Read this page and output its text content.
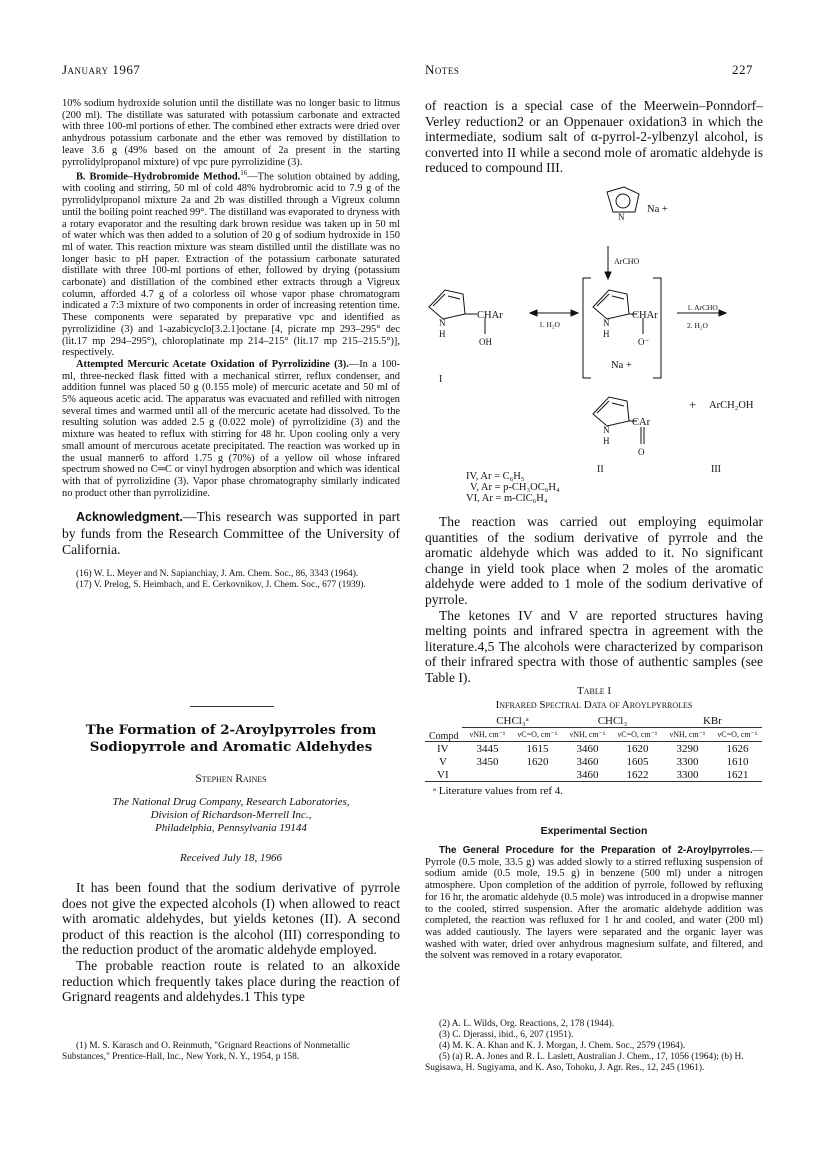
January 1967	Notes	227

10% sodium hydroxide solution until the distillate was no longer basic to litmus (200 ml). The distillate was saturated with potassium carbonate and extracted with three 100-ml portions of ether. The combined ether extracts were dried over anhydrous potassium carbonate and the ether was removed by distillation to leave 3.6 g (49% based on the amount of 2a present in the starting pyrrolidylpropanol mixture) of vpc pure pyrrolizidine (3).

B. Bromide–Hydrobromide Method.$^{16}$—The solution obtained by adding, with cooling and stirring, 50 ml of cold 48% hydrobromic acid to 7.9 g of the pyrrolidylpropanol mixture 2a and 2b was distilled through a Vigreux column until the boiling point reached 99°. The distilland was evaporated to dryness with a rotary evaporator and the resulting dark brown residue was taken up in 50 ml of water which was then added to a solution of 20 g of sodium hydroxide in 150 ml of water. This reaction mixture was steam distilled until the distillate was no longer basic to pH paper. Extraction of the potassium carbonate saturated distillate with three 100-ml portions of ether, followed by drying (potassium carbonate) and distillation of the combined ether extracts through a Vigreux column, afforded 4.7 g of a colorless oil whose vapor phase chromatogram indicated a 7:3 mixture of two components in order of increasing retention time. These components were separated by preparative vpc and identified as pyrrolizidine (3) and 1-azabicyclo[3.2.1]octane [4, picrate mp 293–295° dec (lit.17 mp 294–295°), chloroplatinate mp 214–215° (lit.17 mp 215–215.5°)], respectively.

Attempted Mercuric Acetate Oxidation of Pyrrolizidine (3).—In a 100-ml, three-necked flask fitted with a mechanical stirrer, reflux condenser, and addition funnel was placed 50 g (0.155 mole) of mercuric acetate and 50 ml of 5% aqueous acetic acid. The apparatus was evacuated and refilled with nitrogen several times and warmed until all of the mercuric acetate had dissolved. To the resulting solution was added 2.5 g (0.022 mole) of pyrrolizidine (3) and the mixture was heated to reflux with stirring for 48 hr. Upon cooling only a very small amount of mercurous acetate precipitated. The reaction was worked up in the usual manner6 to afford 1.75 g (70%) of a yellow oil whose infrared spectrum showed no C═C or vinyl hydrogen absorption and which was identical with that of pyrrolizidine (3). Vapor phase chromatography similarly indicated no product other than pyrrolizidine.

Acknowledgment.—This research was supported in part by funds from the Research Committee of the University of California.

(16) W. L. Meyer and N. Sapianchiay, J. Am. Chem. Soc., 86, 3343 (1964).

(17) V. Prelog, S. Heimbach, and E. Cerkovnikov, J. Chem. Soc., 677 (1939).

The Formation of 2-Aroylpyrroles from
Sodiopyrrole and Aromatic Aldehydes
Stephen Raines
The National Drug Company, Research Laboratories,
Division of Richardson-Merrell Inc.,
Philadelphia, Pennsylvania 19144
Received July 18, 1966

It has been found that the sodium derivative of pyrrole does not give the expected alcohols (I) when allowed to react with aromatic aldehydes, but yields ketones (II). A second product of this reaction is the alcohol (III) corresponding to the reduction product of the aromatic aldehyde employed.

The probable reaction route is related to an alkoxide reduction which frequently takes place during the reaction of Grignard reagents and aldehydes.1 This type

(1) M. S. Karasch and O. Reinmuth, "Grignard Reactions of Nonmetallic Substances," Prentice-Hall, Inc., New York, N. Y., 1954, p 158.

of reaction is a special case of the Meerwein–Ponndorf–Verley reduction2 or an Oppenauer oxidation3 in which the intermediate, sodium salt of α-pyrrol-2-ylbenzyl alcohol, is converted into II while a second mole of aromatic aldehyde is reduced to compound III.

N
Na +
ArCHO
N
H
CHAr
OH
1. H₂O
I
N
H
CHAr
O⁻
Na +
1. ArCHO
2. H₂O
N
H
CAr
O
+ ArCH₂OH
II	III
IV, Ar = C₆H₅
V, Ar = p-CH₃OC₆H₄
VI, Ar = m-ClC₆H₄

The reaction was carried out employing equimolar quantities of the sodium derivative of pyrrole and the aromatic aldehyde which was added to it. No significant change in yield took place when 2 moles of the aromatic aldehyde were added to 1 mole of the sodium derivative of pyrrole.

The ketones IV and V are reported structures having melting points and infrared spectra in agreement with the literature.4,5 The alcohols were characterized by comparison of their infrared spectra with those of authentic samples (see Table I).

Table I
Infrared Spectral Data of Aroylpyrroles
	CHCl₃ᵃ		CHCl₃		KBr	
Compd	νNH, cm⁻¹	νC=O, cm⁻¹	νNH, cm⁻¹	νC=O, cm⁻¹	νNH, cm⁻¹	νC=O, cm⁻¹
IV	3445	1615	3460	1620	3290	1626
V	3450	1620	3460	1605	3300	1610
VI			3460	1622	3300	1621
ᵃ Literature values from ref 4.
Experimental Section

The General Procedure for the Preparation of 2-Aroylpyrroles.—Pyrrole (0.5 mole, 33.5 g) was added slowly to a stirred refluxing suspension of sodium amide (0.5 mole, 19.5 g) in benzene (500 ml) under a nitrogen atmosphere. Upon completion of the addition of pyrrole, followed by refluxing for 16 hr, the aromatic aldehyde (0.5 mole) was introduced in a dropwise manner to the cooled, stirred suspension. After the aromatic aldehyde addition was completed, the reaction was refluxed for 1 hr and cooled, and water (200 ml) was added cautiously. The layers were separated and the organic layer was washed with water, dried over anhydrous magnesium sulfate, and filtered, and the solvent was removed in a rotary evaporator.

(2) A. L. Wilds, Org. Reactions, 2, 178 (1944).

(3) C. Djerassi, ibid., 6, 207 (1951).

(4) M. K. A. Khan and K. J. Morgan, J. Chem. Soc., 2579 (1964).

(5) (a) R. A. Jones and R. L. Laslett, Australian J. Chem., 17, 1056 (1964); (b) H. Sugisawa, H. Sugiyama, and K. Aso, Tohoku, J. Agr. Res., 12, 245 (1961).
